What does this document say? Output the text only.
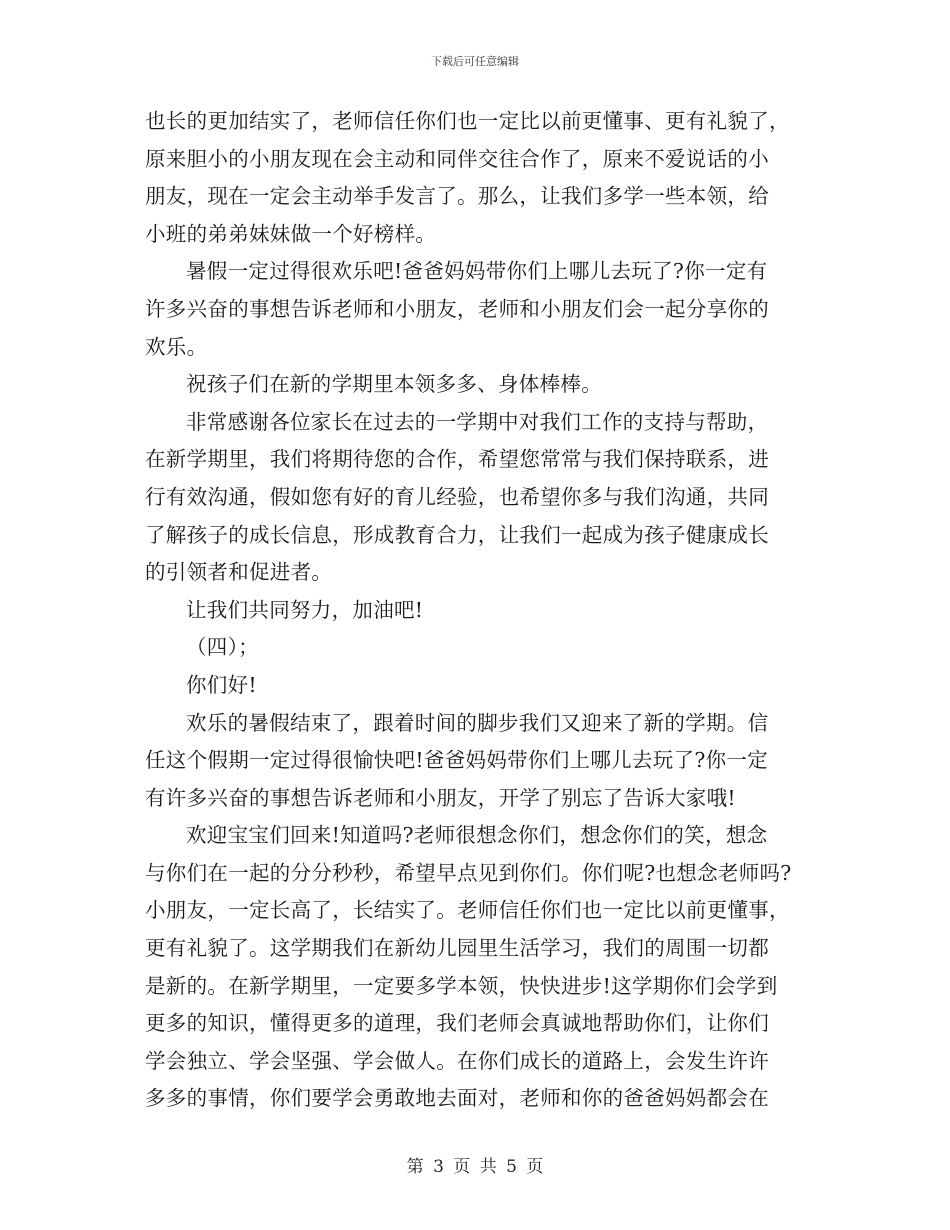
下载后可任意编辑
也长的更加结实了，老师信任你们也一定比以前更懂事、更有礼貌了，
原来胆小的小朋友现在会主动和同伴交往合作了，原来不爱说话的小
朋友，现在一定会主动举手发言了。那么，让我们多学一些本领，给
小班的弟弟妹妹做一个好榜样。
暑假一定过得很欢乐吧!爸爸妈妈带你们上哪儿去玩了?你一定有
许多兴奋的事想告诉老师和小朋友，老师和小朋友们会一起分享你的
欢乐。
祝孩子们在新的学期里本领多多、身体棒棒。
非常感谢各位家长在过去的一学期中对我们工作的支持与帮助，
在新学期里，我们将期待您的合作，希望您常常与我们保持联系，进
行有效沟通，假如您有好的育儿经验，也希望你多与我们沟通，共同
了解孩子的成长信息，形成教育合力，让我们一起成为孩子健康成长
的引领者和促进者。
让我们共同努力，加油吧!
（四）；
你们好!
欢乐的暑假结束了，跟着时间的脚步我们又迎来了新的学期。信
任这个假期一定过得很愉快吧!爸爸妈妈带你们上哪儿去玩了?你一定
有许多兴奋的事想告诉老师和小朋友，开学了别忘了告诉大家哦!
欢迎宝宝们回来!知道吗?老师很想念你们，想念你们的笑，想念
与你们在一起的分分秒秒，希望早点见到你们。你们呢?也想念老师吗?
小朋友，一定长高了，长结实了。老师信任你们也一定比以前更懂事，
更有礼貌了。这学期我们在新幼儿园里生活学习，我们的周围一切都
是新的。在新学期里，一定要多学本领，快快进步!这学期你们会学到
更多的知识，懂得更多的道理，我们老师会真诚地帮助你们，让你们
学会独立、学会坚强、学会做人。在你们成长的道路上，会发生许许
多多的事情，你们要学会勇敢地去面对，老师和你的爸爸妈妈都会在
第 3 页 共 5 页
